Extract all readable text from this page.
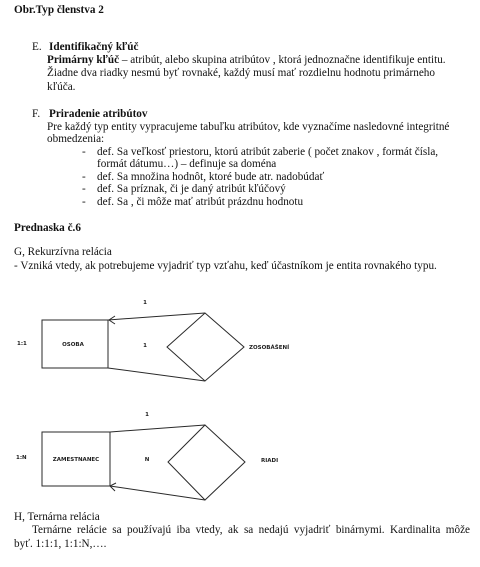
Obr.Typ členstva 2
E. Identifikačný kľúč
Primárny kľúč – atribút, alebo skupina atribútov , ktorá jednoznačne identifikuje entitu.
Žiadne dva riadky nesmú byť rovnaké, každý musí mať rozdielnu hodnotu primárneho
kľúča.
F. Priradenie atribútov
Pre každý typ entity vypracujeme tabuľku atribútov, kde vyznačíme nasledovné integritné
obmedzenia:
- def. Sa veľkosť priestoru, ktorú atribút zaberie ( počet znakov , formát čísla,
formát dátumu…) – definuje sa doména
- def. Sa množina hodnôt, ktoré bude atr. nadobúdať
- def. Sa príznak, či je daný atribút kľúčový
- def. Sa , či môže mať atribút prázdnu hodnotu
Prednaska č.6
G, Rekurzívna relácia
- Vzniká vtedy, ak potrebujeme vyjadriť typ vzťahu, keď účastníkom je entita rovnakého typu.
1
1:1	OSOBA	1	ZOSOBÁŠENÍ
1
1:N	ZAMESTNANEC	N	RIADI
H, Ternárna relácia
Ternárne relácie sa používajú iba vtedy, ak sa nedajú vyjadriť binárnymi. Kardinalita môže
byť. 1:1:1, 1:1:N,….
